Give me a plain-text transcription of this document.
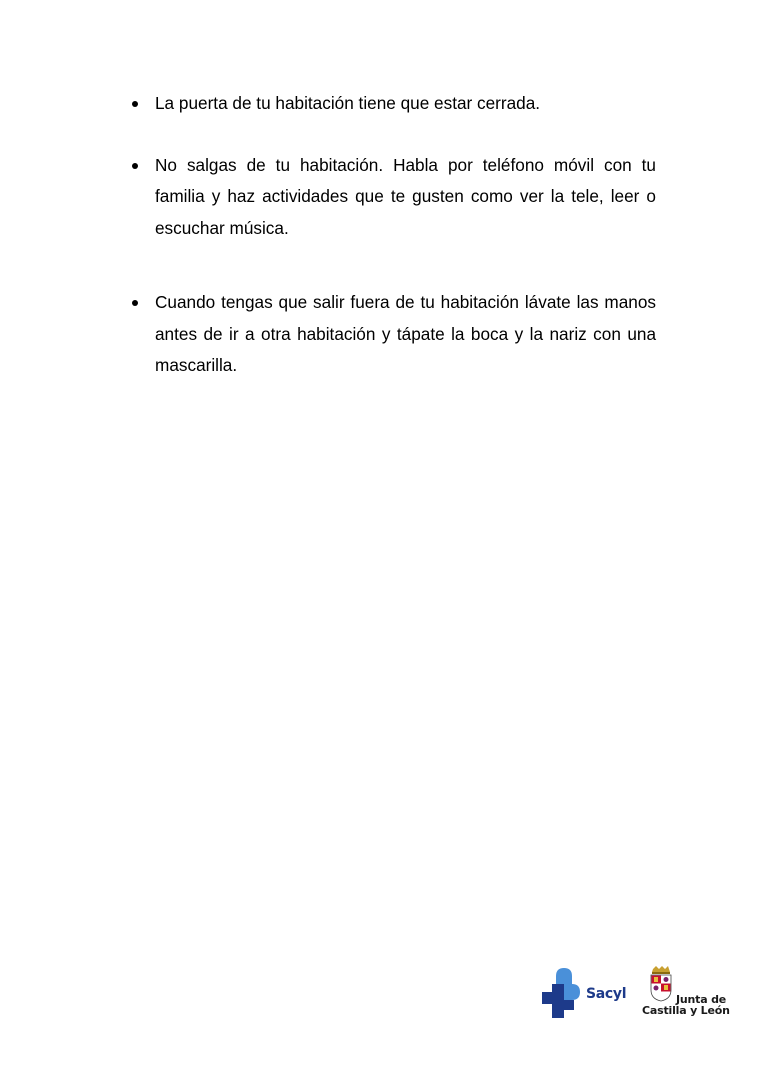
La puerta de tu habitación tiene que estar cerrada.
No salgas de tu habitación. Habla por teléfono móvil con tu familia y haz actividades que te gusten como ver la tele, leer o escuchar música.
Cuando tengas que salir fuera de tu habitación lávate las manos antes de ir a otra habitación y tápate la boca y la nariz con una mascarilla.
Sacyl	Junta de
Castilla y León
